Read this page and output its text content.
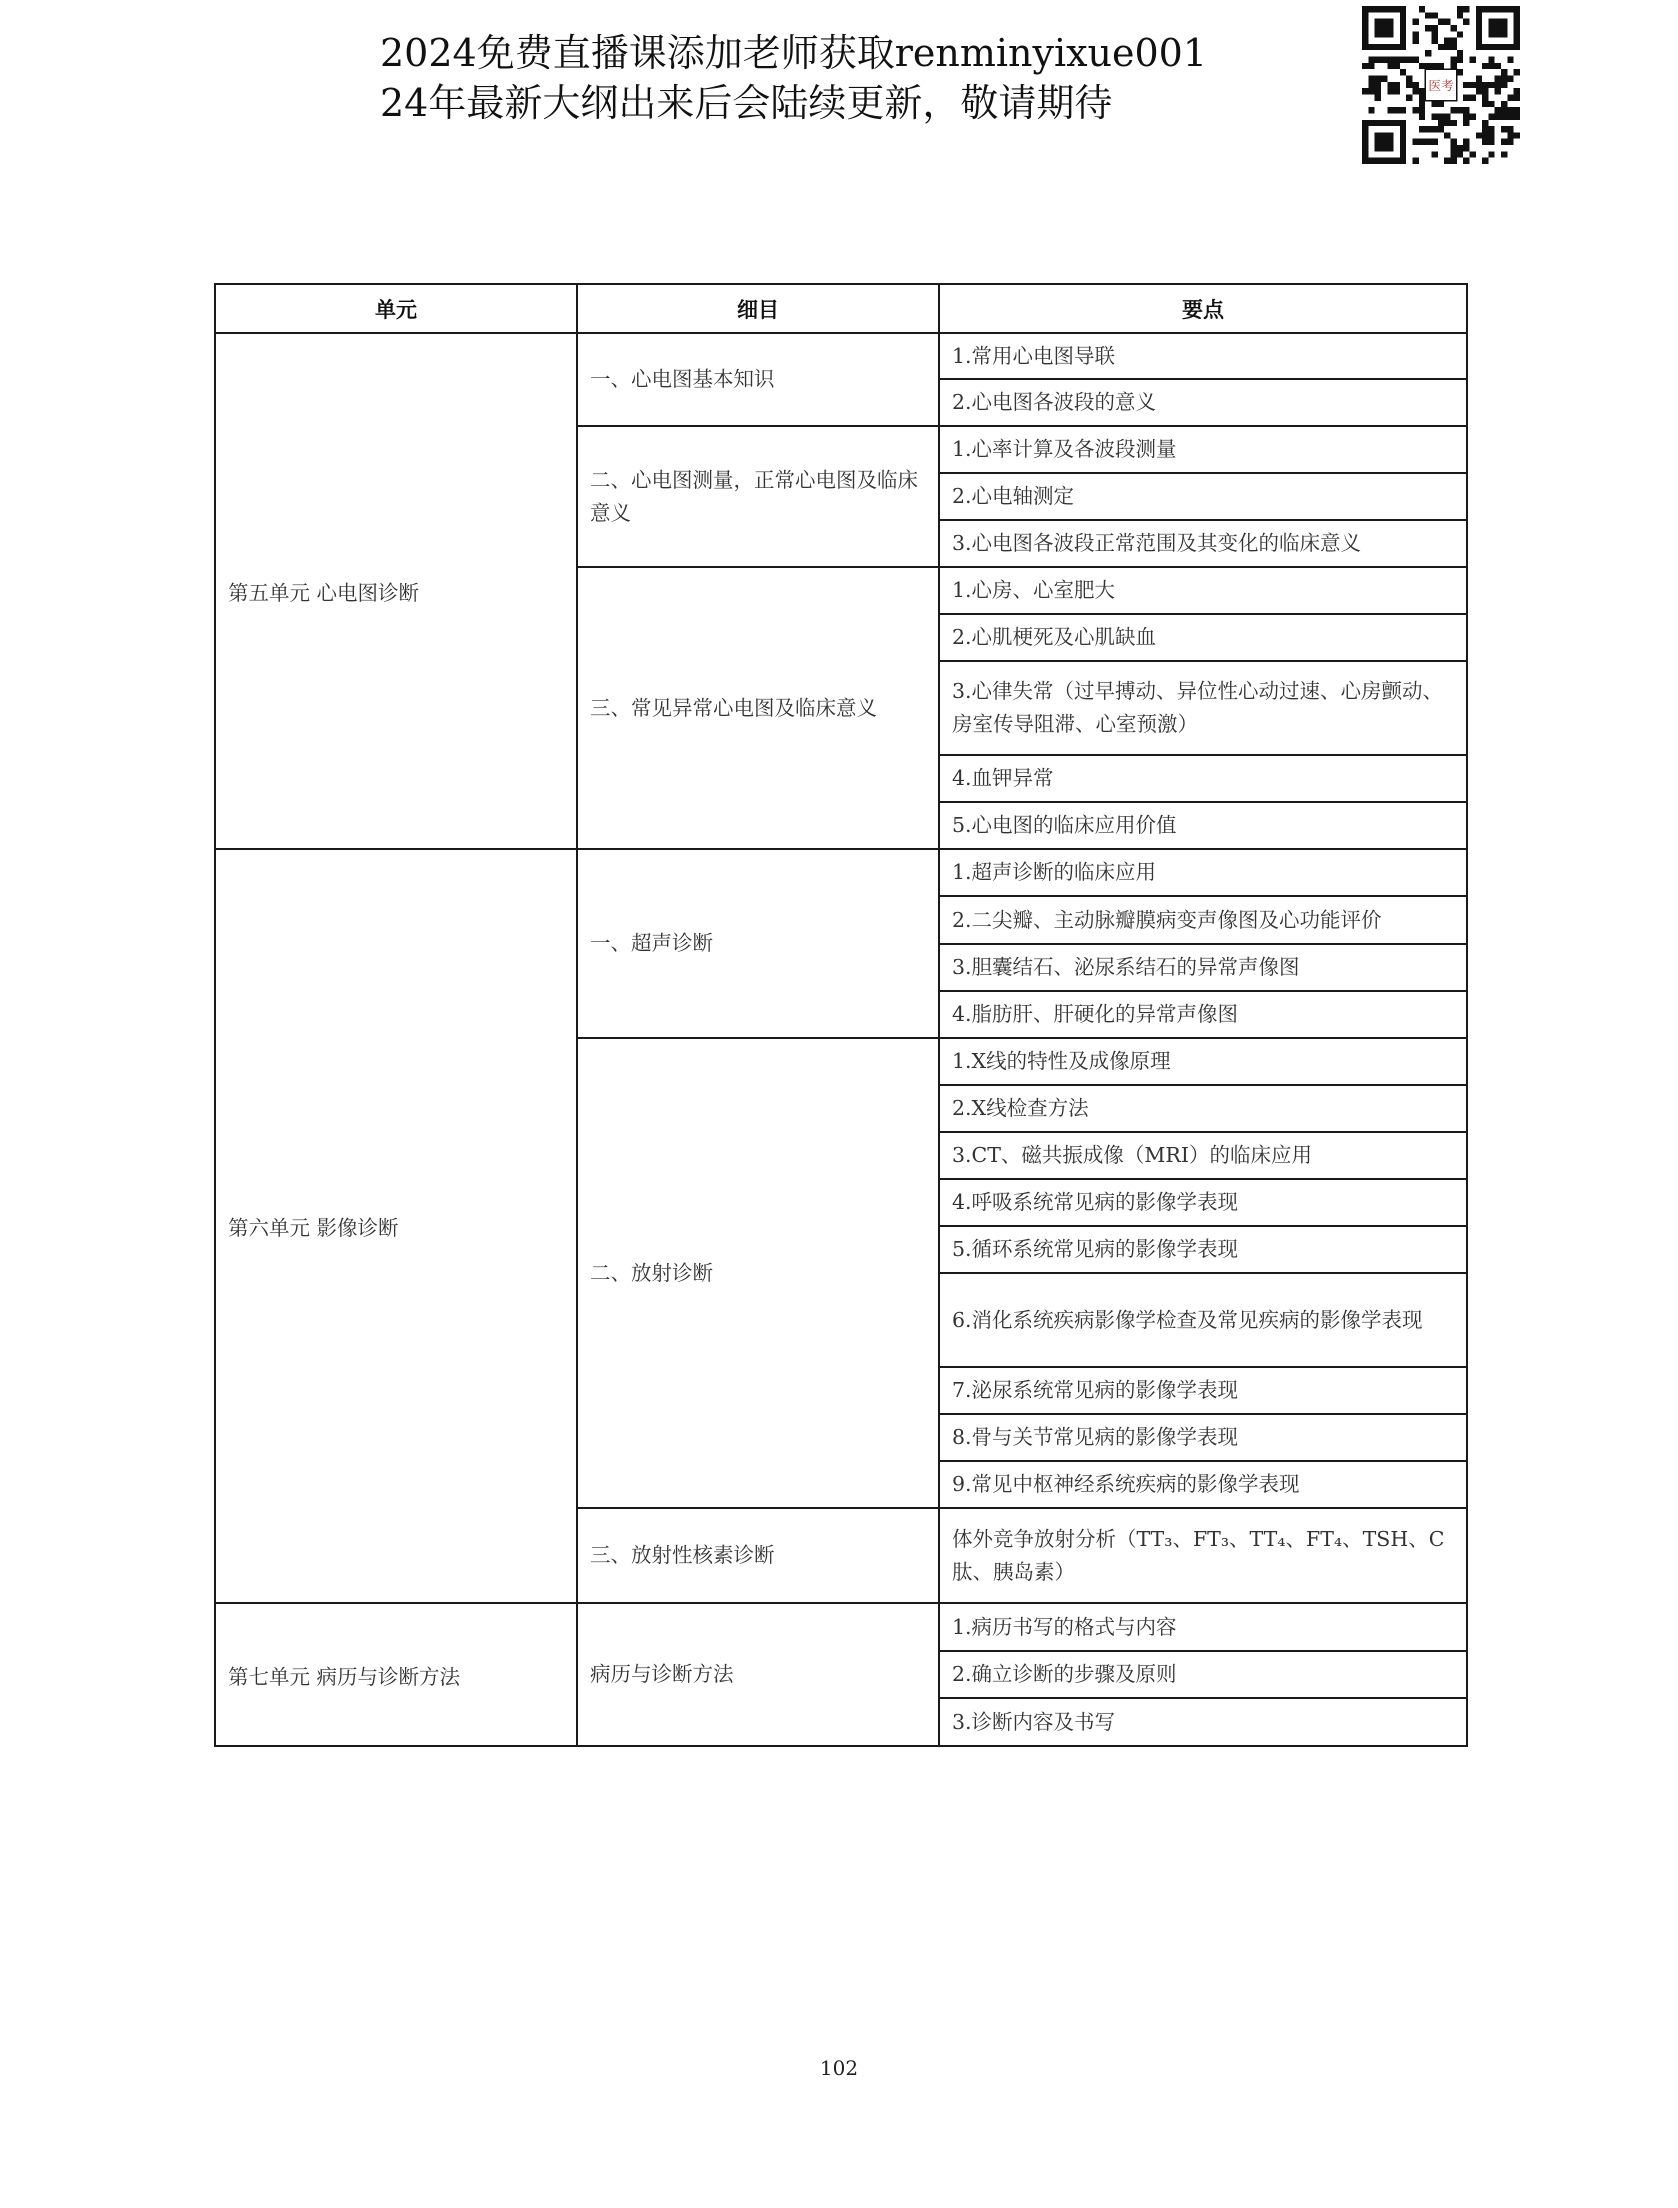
2024免费直播课添加老师获取renminyixue001
24年最新大纲出来后会陆续更新，敬请期待	医考
单元	细目	要点
第五单元 心电图诊断	一、心电图基本知识	1.常用心电图导联
		2.心电图各波段的意义
	二、心电图测量，正常心电图及临床意义	1.心率计算及各波段测量
		2.心电轴测定
		3.心电图各波段正常范围及其变化的临床意义
	三、常见异常心电图及临床意义	1.心房、心室肥大
		2.心肌梗死及心肌缺血
		3.心律失常（过早搏动、异位性心动过速、心房颤动、房室传导阻滞、心室预激）
		4.血钾异常
		5.心电图的临床应用价值
第六单元 影像诊断	一、超声诊断	1.超声诊断的临床应用
		2.二尖瓣、主动脉瓣膜病变声像图及心功能评价
		3.胆囊结石、泌尿系结石的异常声像图
		4.脂肪肝、肝硬化的异常声像图
	二、放射诊断	1.X线的特性及成像原理
		2.X线检查方法
		3.CT、磁共振成像（MRI）的临床应用
		4.呼吸系统常见病的影像学表现
		5.循环系统常见病的影像学表现
		6.消化系统疾病影像学检查及常见疾病的影像学表现
		7.泌尿系统常见病的影像学表现
		8.骨与关节常见病的影像学表现
		9.常见中枢神经系统疾病的影像学表现
	三、放射性核素诊断	体外竞争放射分析（TT₃、FT₃、TT₄、FT₄、TSH、C肽、胰岛素）
第七单元 病历与诊断方法	病历与诊断方法	1.病历书写的格式与内容
		2.确立诊断的步骤及原则
		3.诊断内容及书写
102
